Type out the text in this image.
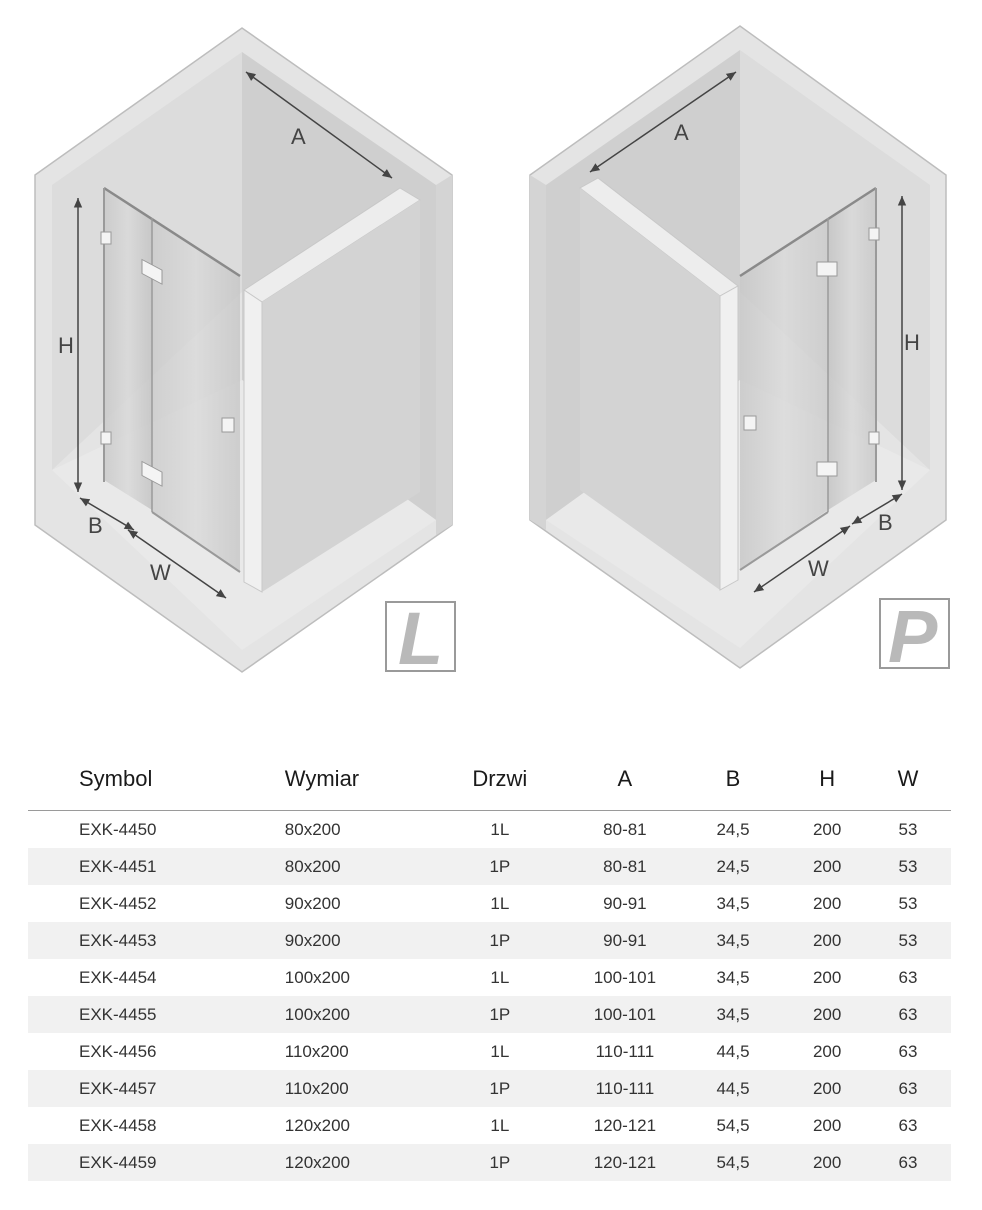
A
H
B
W
L
A
H
B
W
P
Symbol	Wymiar	Drzwi	A	B	H	W
EXK-4450	80x200	1L	80-81	24,5	200	53
EXK-4451	80x200	1P	80-81	24,5	200	53
EXK-4452	90x200	1L	90-91	34,5	200	53
EXK-4453	90x200	1P	90-91	34,5	200	53
EXK-4454	100x200	1L	100-101	34,5	200	63
EXK-4455	100x200	1P	100-101	34,5	200	63
EXK-4456	110x200	1L	110-111	44,5	200	63
EXK-4457	110x200	1P	110-111	44,5	200	63
EXK-4458	120x200	1L	120-121	54,5	200	63
EXK-4459	120x200	1P	120-121	54,5	200	63
